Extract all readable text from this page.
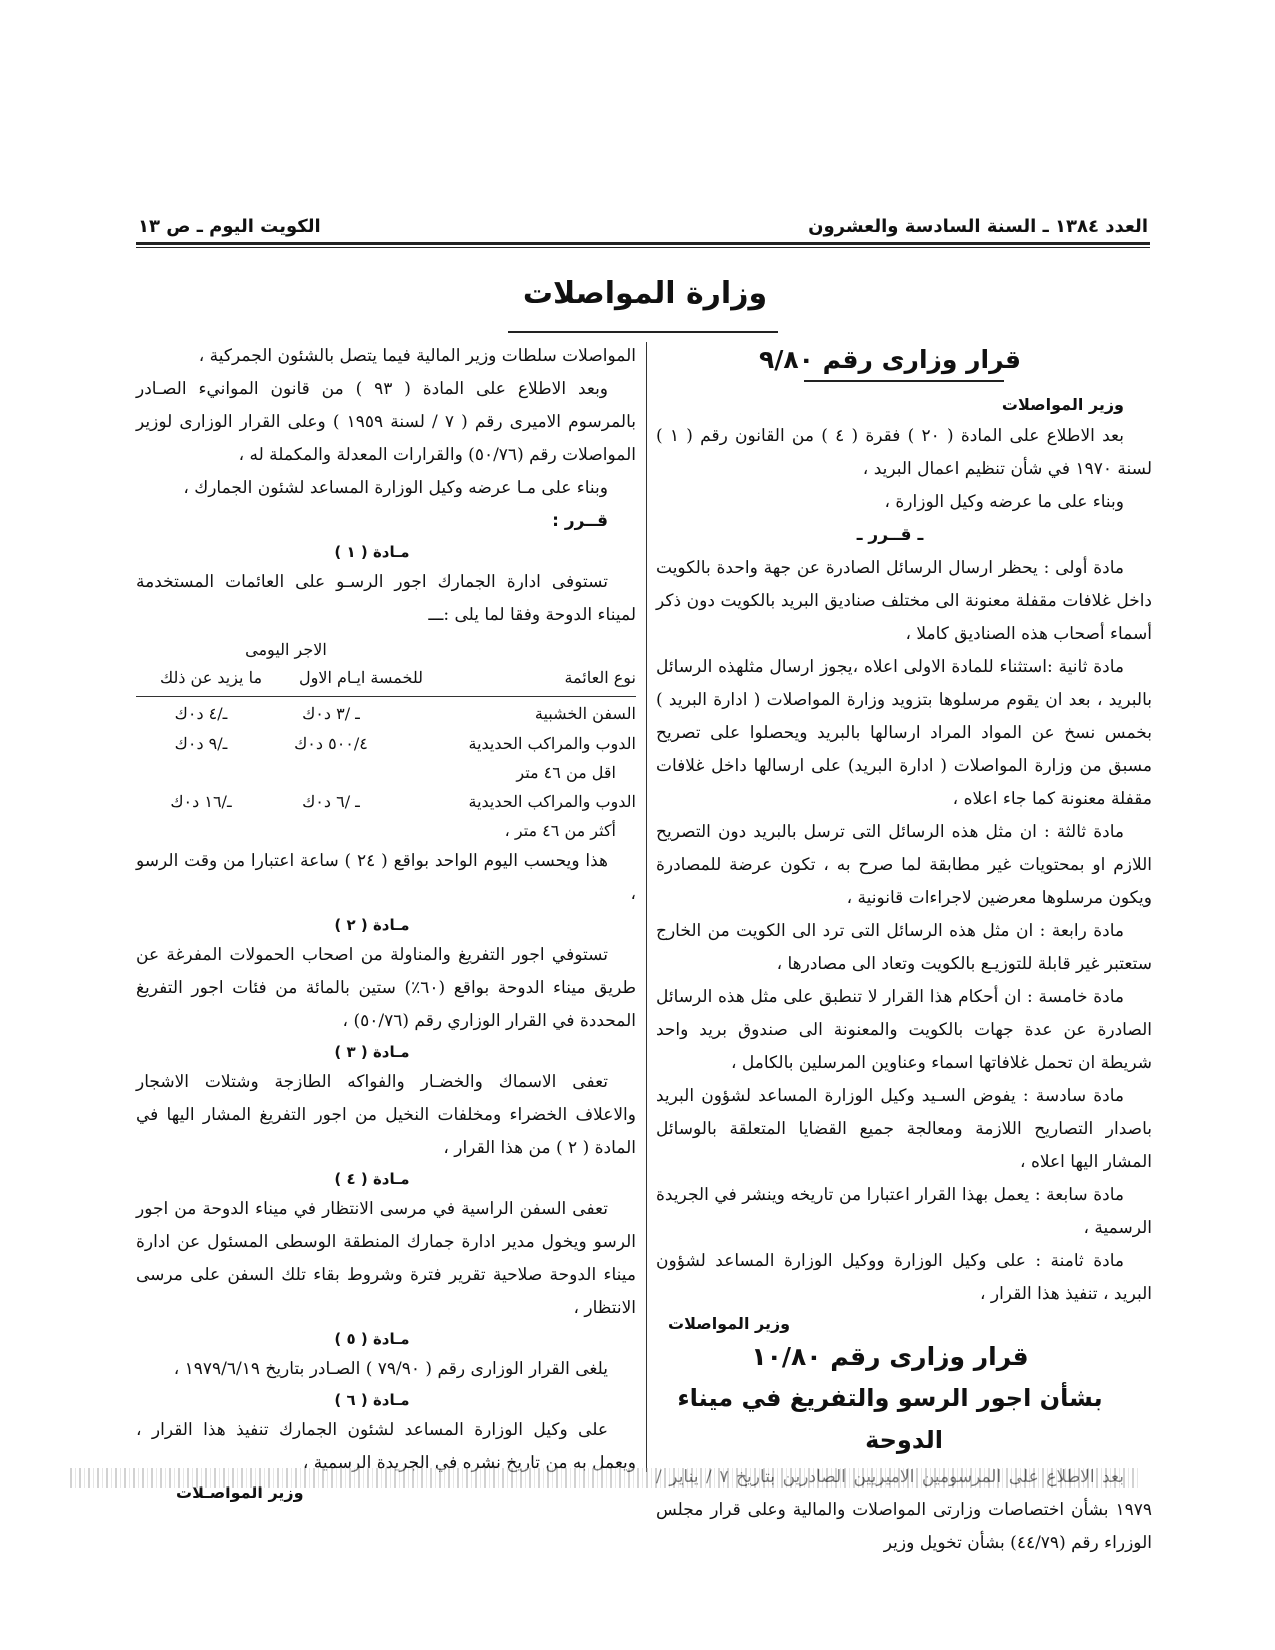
العدد ١٣٨٤ ـ السنة السادسة والعشرون
الكويت اليوم ـ ص ١٣
وزارة المواصلات

قرار وزارى رقم ٩/٨٠

وزير المواصلات

بعد الاطلاع على المادة ( ٢٠ ) فقرة ( ٤ ) من القانون رقم ( ١ ) لسنة ١٩٧٠ في شأن تنظيم اعمال البريد ،

وبناء على ما عرضه وكيل الوزارة ،

ـ قــرر ـ

مادة أولى : يحظر ارسال الرسائل الصادرة عن جهة واحدة بالكويت داخل غلافات مقفلة معنونة الى مختلف صناديق البريد بالكويت دون ذكر أسماء أصحاب هذه الصناديق كاملا ،

مادة ثانية :استثناء للمادة الاولى اعلاه ،يجوز ارسال مثلهذه الرسائل بالبريد ، بعد ان يقوم مرسلوها بتزويد وزارة المواصلات ( ادارة البريد ) بخمس نسخ عن المواد المراد ارسالها بالبريد ويحصلوا على تصريح مسبق من وزارة المواصلات ( ادارة البريد) على ارسالها داخل غلافات مقفلة معنونة كما جاء اعلاه ،

مادة ثالثة : ان مثل هذه الرسائل التى ترسل بالبريد دون التصريح اللازم او بمحتويات غير مطابقة لما صرح به ، تكون عرضة للمصادرة ويكون مرسلوها معرضين لاجراءات قانونية ،

مادة رابعة : ان مثل هذه الرسائل التى ترد الى الكويت من الخارج ستعتبر غير قابلة للتوزيـع بالكويت وتعاد الى مصادرها ،

مادة خامسة : ان أحكام هذا القرار لا تنطبق على مثل هذه الرسائل الصادرة عن عدة جهات بالكويت والمعنونة الى صندوق بريد واحد شريطة ان تحمل غلافاتها اسماء وعناوين المرسلين بالكامل ،

مادة سادسة : يفوض السـيد وكيل الوزارة المساعد لشؤون البريد باصدار التصاريح اللازمة ومعالجة جميع القضايا المتعلقة بالوسائل المشار اليها اعلاه ،

مادة سابعة : يعمل بهذا القرار اعتبارا من تاريخه وينشر في الجريدة الرسمية ،

مادة ثامنة : على وكيل الوزارة ووكيل الوزارة المساعد لشؤون البريد ، تنفيذ هذا القرار ،

وزير المواصلات

قرار وزارى رقم ١٠/٨٠

بشأن اجور الرسو والتفريغ في ميناء الدوحة

بعد الاطلاع على المرسومين الاميريين الصادرين بتاريخ ٧ / يناير / ١٩٧٩ بشأن اختصاصات وزارتى المواصلات والمالية وعلى قرار مجلس الوزراء رقم (٤٤/٧٩) بشأن تخويل وزير

المواصلات سلطات وزير المالية فيما يتصل بالشئون الجمركية ،

وبعد الاطلاع على المادة ( ٩٣ ) من قانون الموانيء الصـادر بالمرسوم الاميرى رقم ( ٧ / لسنة ١٩٥٩ ) وعلى القرار الوزارى لوزير المواصلات رقم (٥٠/٧٦) والقرارات المعدلة والمكملة له ،

وبناء على مـا عرضه وكيل الوزارة المساعد لشئون الجمارك ،

قــرر :

مـادة ( ١ )

تستوفى ادارة الجمارك اجور الرسـو على العائمات المستخدمة لميناء الدوحة وفقا لما يلى :ـــ

نوع العائمة
الاجر اليومى
للخمسة ايـام الاول
ما يزيد عن ذلك
السفن الخشبية
ـ /٣ د٠ك
ـ/٤ د٠ك
الدوب والمراكب الحديدية
٥٠٠/٤ د٠ك
ـ/٩ د٠ك
اقل من ٤٦ متر
الدوب والمراكب الحديدية
ـ /٦ د٠ك
ـ/١٦ د٠ك
أكثر من ٤٦ متر ،

هذا ويحسب اليوم الواحد بواقع ( ٢٤ ) ساعة اعتبارا من وقت الرسو ،

مـادة ( ٢ )

تستوفي اجور التفريغ والمناولة من اصحاب الحمولات المفرغة عن طريق ميناء الدوحة بواقع (٦٠٪) ستين بالمائة من فئات اجور التفريغ المحددة في القرار الوزاري رقم (٥٠/٧٦) ،

مـادة ( ٣ )

تعفى الاسماك والخضـار والفواكه الطازجة وشتلات الاشجار والاعلاف الخضراء ومخلفات النخيل من اجور التفريغ المشار اليها في المادة ( ٢ ) من هذا القرار ،

مـادة ( ٤ )

تعفى السفن الراسية في مرسى الانتظار في ميناء الدوحة من اجور الرسو ويخول مدير ادارة جمارك المنطقة الوسطى المسئول عن ادارة ميناء الدوحة صلاحية تقرير فترة وشروط بقاء تلك السفن على مرسى الانتظار ،

مـادة ( ٥ )

يلغى القرار الوزارى رقم ( ٧٩/٩٠ ) الصـادر بتاريخ ١٩٧٩/٦/١٩ ،

مـادة ( ٦ )

على وكيل الوزارة المساعد لشئون الجمارك تنفيذ هذا القرار ، ويعمل به من تاريخ نشره في الجريدة الرسمية ،

وزير المواصـلات
